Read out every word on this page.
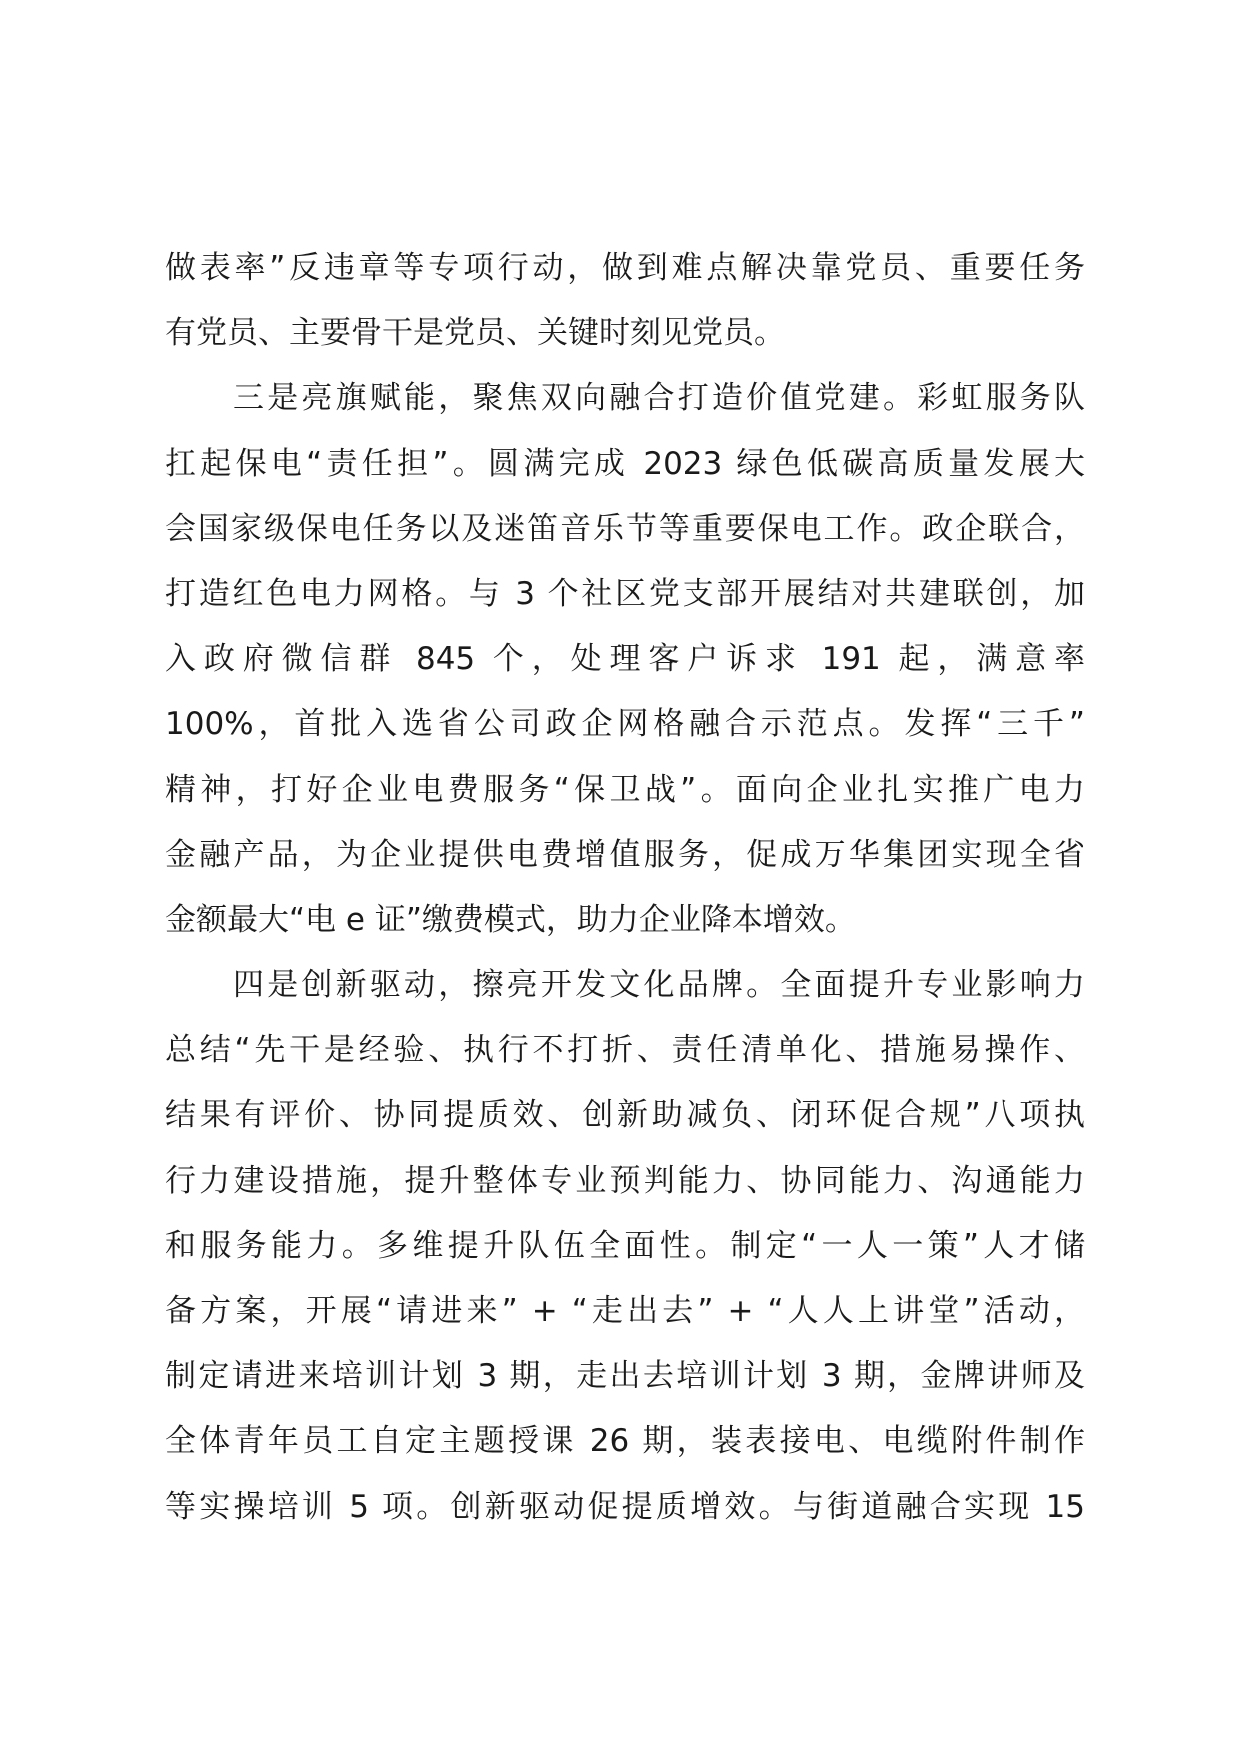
做表率”反违章等专项行动，做到难点解决靠党员、重要任务
有党员、主要骨干是党员、关键时刻见党员。
三是亮旗赋能，聚焦双向融合打造价值党建。彩虹服务队
扛起保电“责任担”。圆满完成 2023 绿色低碳高质量发展大
会国家级保电任务以及迷笛音乐节等重要保电工作。政企联合，
打造红色电力网格。与 3 个社区党支部开展结对共建联创，加
入政府微信群 845 个，处理客户诉求 191 起，满意率
100%，首批入选省公司政企网格融合示范点。发挥“三千”
精神，打好企业电费服务“保卫战”。面向企业扎实推广电力
金融产品，为企业提供电费增值服务，促成万华集团实现全省
金额最大“电 e 证”缴费模式，助力企业降本增效。
四是创新驱动，擦亮开发文化品牌。全面提升专业影响力
总结“先干是经验、执行不打折、责任清单化、措施易操作、
结果有评价、协同提质效、创新助减负、闭环促合规”八项执
行力建设措施，提升整体专业预判能力、协同能力、沟通能力
和服务能力。多维提升队伍全面性。制定“一人一策”人才储
备方案，开展“请进来” + “走出去” + “人人上讲堂”活动，
制定请进来培训计划 3 期，走出去培训计划 3 期，金牌讲师及
全体青年员工自定主题授课 26 期，装表接电、电缆附件制作
等实操培训 5 项。创新驱动促提质增效。与街道融合实现 15
